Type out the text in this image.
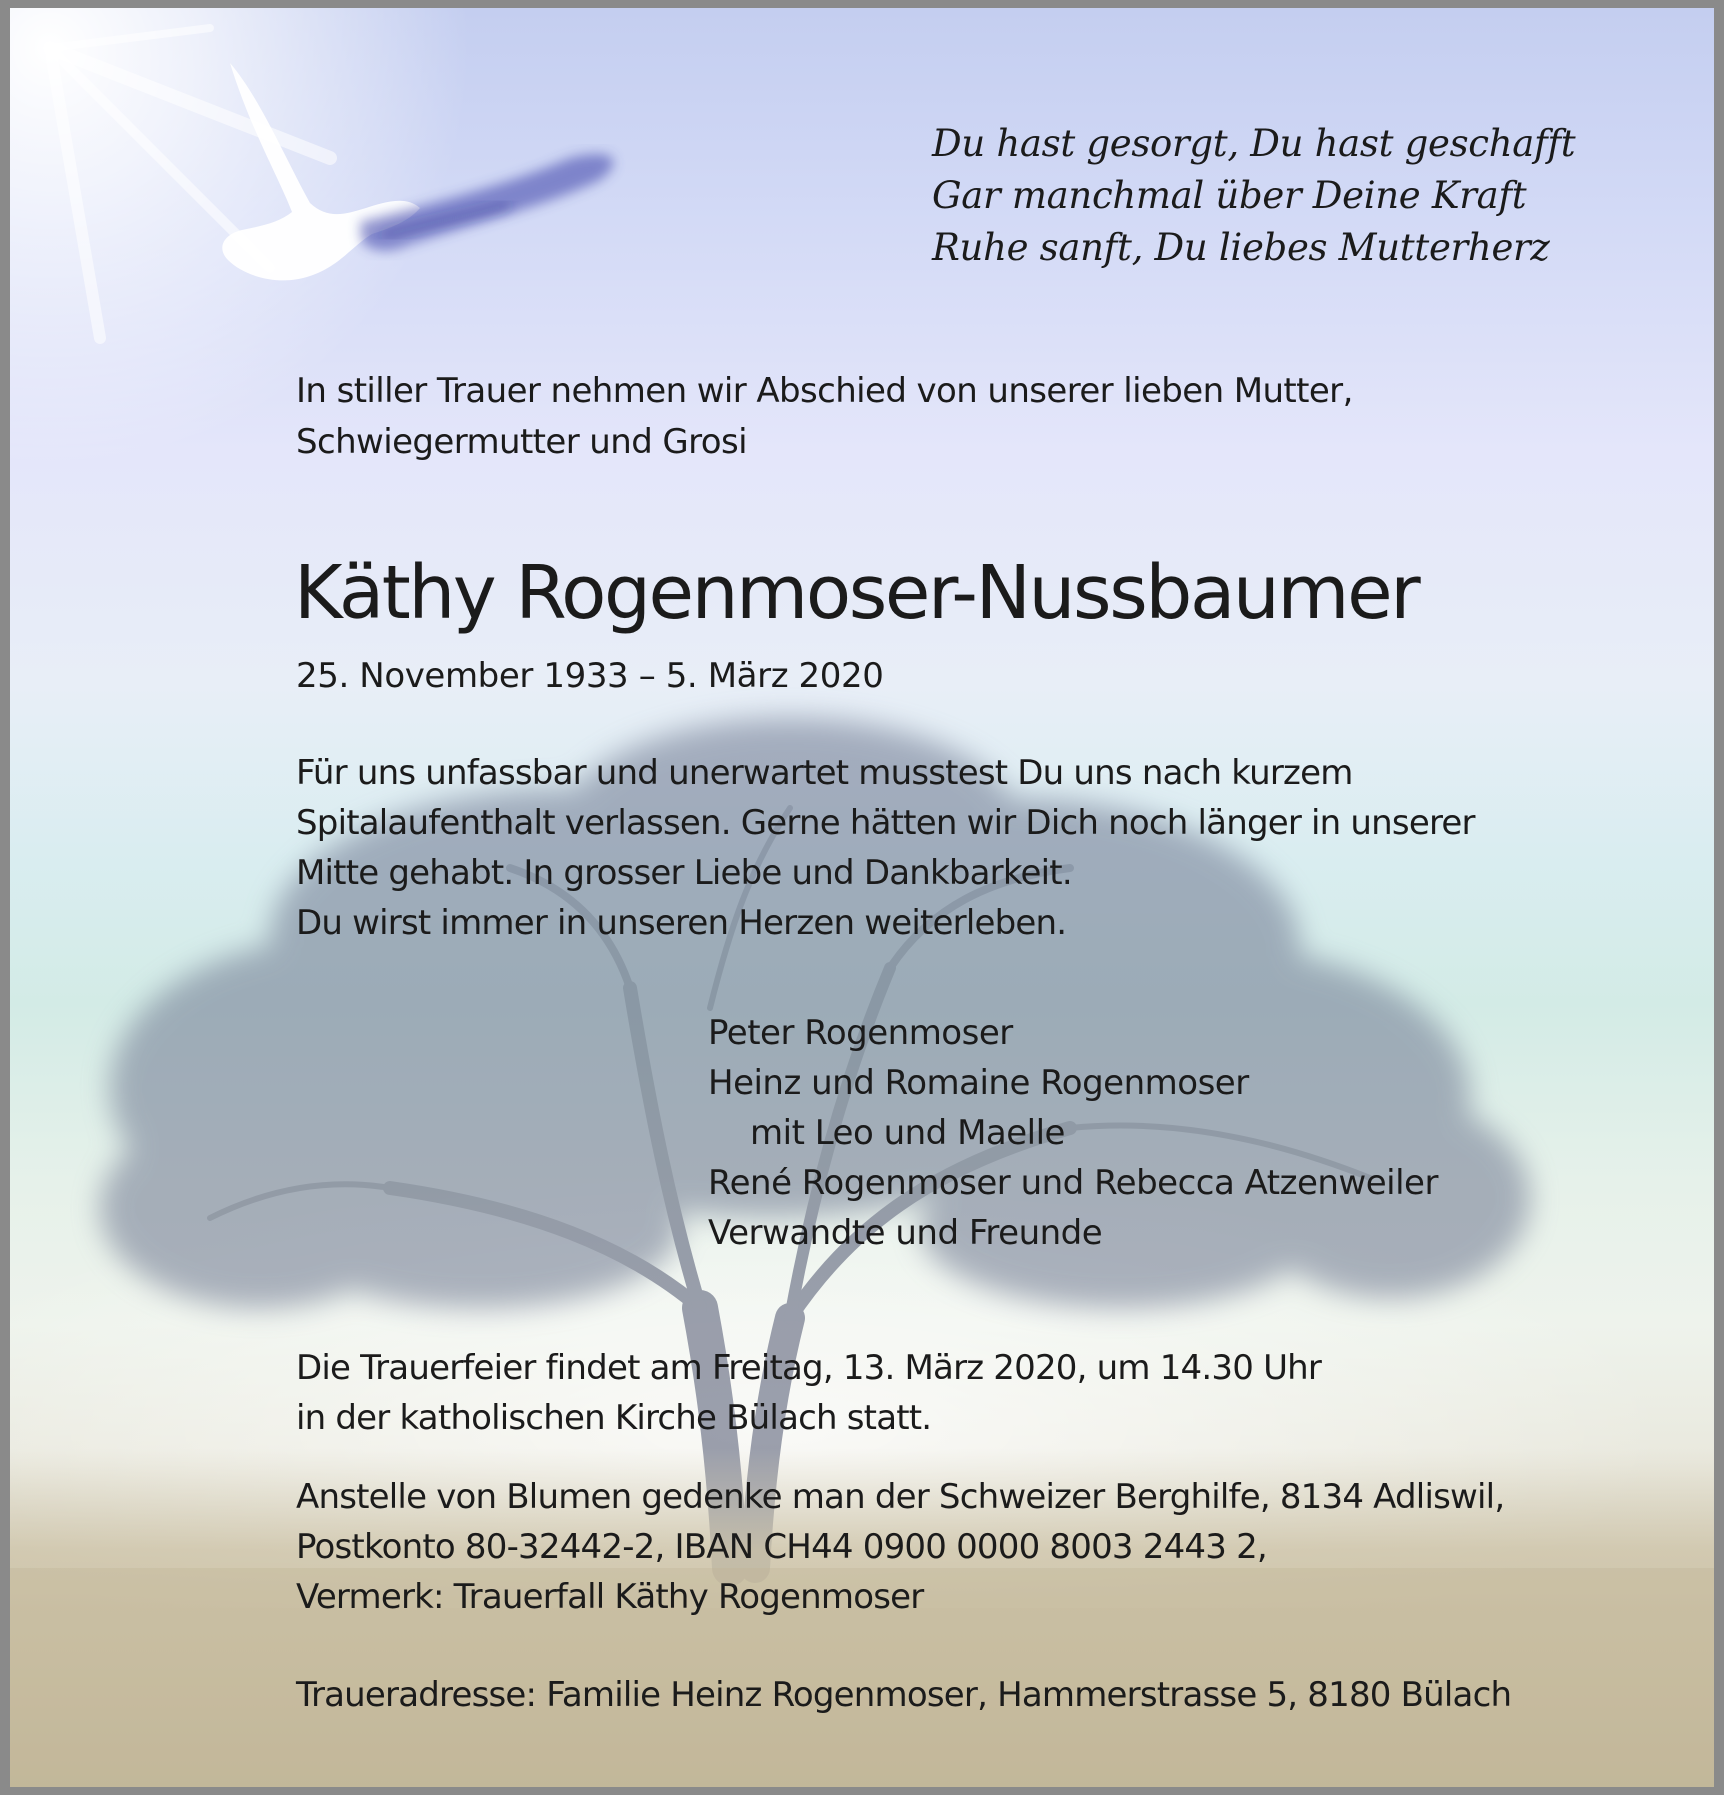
Du hast gesorgt, Du hast geschafft
Gar manchmal über Deine Kraft
Ruhe sanft, Du liebes Mutterherz
In stiller Trauer nehmen wir Abschied von unserer lieben Mutter,
Schwiegermutter und Grosi
Käthy Rogenmoser-Nussbaumer
25. November 1933 – 5. März 2020
Für uns unfassbar und unerwartet musstest Du uns nach kurzem
Spitalaufenthalt verlassen. Gerne hätten wir Dich noch länger in unserer
Mitte gehabt. In grosser Liebe und Dankbarkeit.
Du wirst immer in unseren Herzen weiterleben.
Peter Rogenmoser
Heinz und Romaine Rogenmoser
mit Leo und Maelle
René Rogenmoser und Rebecca Atzenweiler
Verwandte und Freunde
Die Trauerfeier findet am Freitag, 13. März 2020, um 14.30 Uhr
in der katholischen Kirche Bülach statt.
Anstelle von Blumen gedenke man der Schweizer Berghilfe, 8134 Adliswil,
Postkonto 80-32442-2, IBAN CH44 0900 0000 8003 2443 2,
Vermerk: Trauerfall Käthy Rogenmoser
Traueradresse: Familie Heinz Rogenmoser, Hammerstrasse 5, 8180 Bülach
